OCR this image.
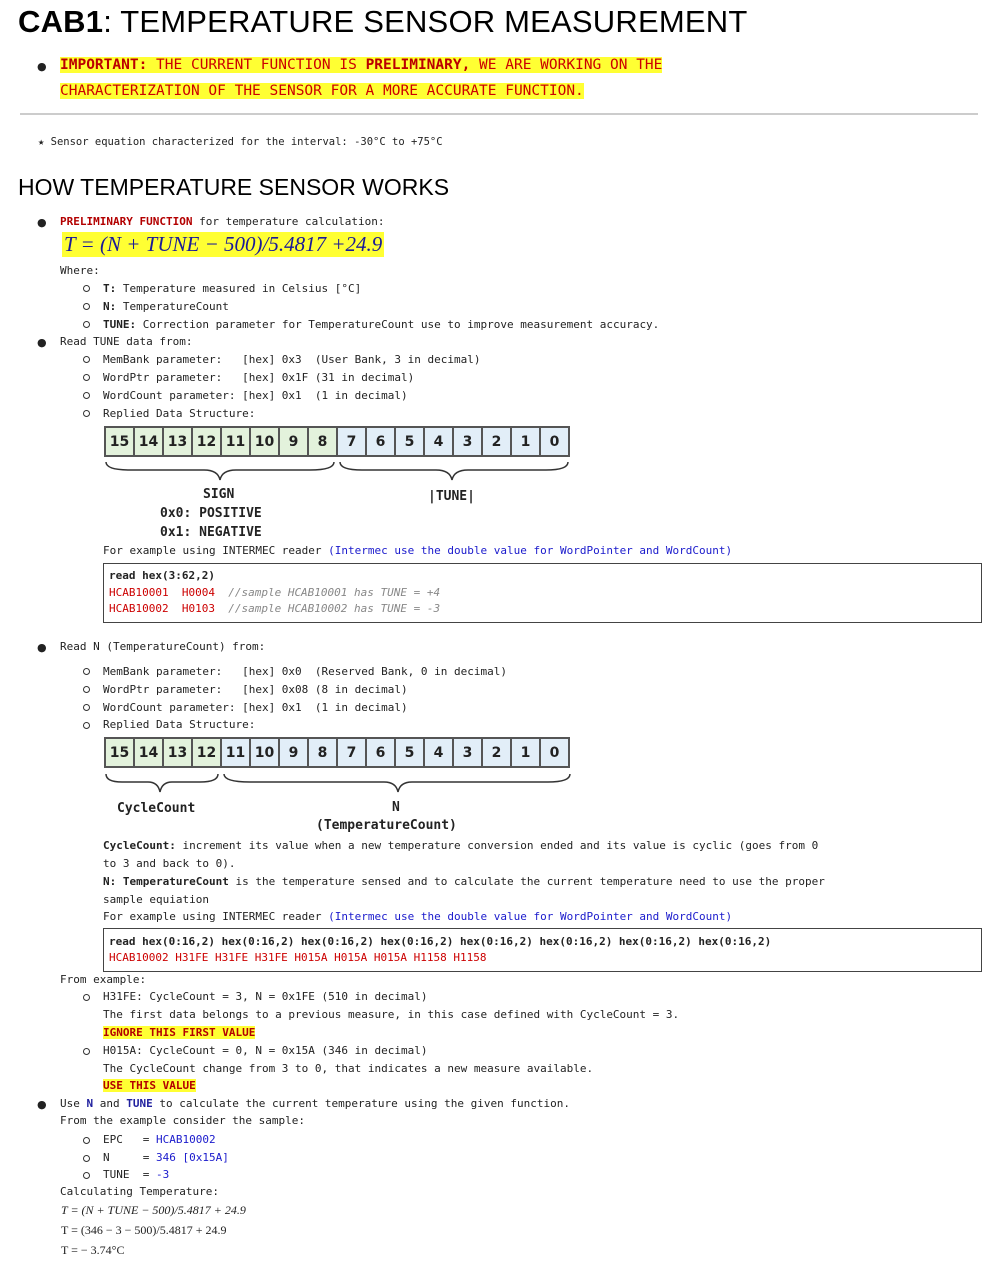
CAB1: TEMPERATURE SENSOR MEASUREMENT
● IMPORTANT: THE CURRENT FUNCTION IS PRELIMINARY, WE ARE WORKING ON THE
CHARACTERIZATION OF THE SENSOR FOR A MORE ACCURATE FUNCTION.
★ Sensor equation characterized for the interval: -30°C to +75°C
HOW TEMPERATURE SENSOR WORKS
● PRELIMINARY FUNCTION for temperature calculation:
T = (N + TUNE − 500)/5.4817 +24.9
Where:
T: Temperature measured in Celsius [°C]
N: TemperatureCount
TUNE: Correction parameter for TemperatureCount use to improve measurement accuracy.
● Read TUNE data from:
MemBank parameter:   [hex] 0x3  (User Bank, 3 in decimal)
WordPtr parameter:   [hex] 0x1F (31 in decimal)
WordCount parameter: [hex] 0x1  (1 in decimal)
Replied Data Structure:
15 14 13 12 11 10	9	8	7	6	5	4	3	2	1	0
SIGN
0x0: POSITIVE
0x1: NEGATIVE
|TUNE|
For example using INTERMEC reader (Intermec use the double value for WordPointer and WordCount)
read hex(3:62,2)
HCAB10001  H0004  //sample HCAB10001 has TUNE = +4
HCAB10002  H0103  //sample HCAB10002 has TUNE = -3
● Read N (TemperatureCount) from:
MemBank parameter:   [hex] 0x0  (Reserved Bank, 0 in decimal)
WordPtr parameter:   [hex] 0x08 (8 in decimal)
WordCount parameter: [hex] 0x1  (1 in decimal)
Replied Data Structure:
15 14 13 12 11 10	9	8	7	6	5	4	3	2	1	0
CycleCount	N
(TemperatureCount)
CycleCount: increment its value when a new temperature conversion ended and its value is cyclic (goes from 0
to 3 and back to 0).
N: TemperatureCount is the temperature sensed and to calculate the current temperature need to use the proper
sample equiation
For example using INTERMEC reader (Intermec use the double value for WordPointer and WordCount)
read hex(0:16,2) hex(0:16,2) hex(0:16,2) hex(0:16,2) hex(0:16,2) hex(0:16,2) hex(0:16,2) hex(0:16,2)
HCAB10002 H31FE H31FE H31FE H015A H015A H015A H1158 H1158
From example:
H31FE: CycleCount = 3, N = 0x1FE (510 in decimal)
The first data belongs to a previous measure, in this case defined with CycleCount = 3.
IGNORE THIS FIRST VALUE
H015A: CycleCount = 0, N = 0x15A (346 in decimal)
The CycleCount change from 3 to 0, that indicates a new measure available.
USE THIS VALUE
● Use N and TUNE to calculate the current temperature using the given function.
From the example consider the sample:
EPC   = HCAB10002
N     = 346 [0x15A]
TUNE  = -3
Calculating Temperature:
T = (N + TUNE − 500)/5.4817 + 24.9
T = (346 − 3 − 500)/5.4817 + 24.9
T = − 3.74°C
